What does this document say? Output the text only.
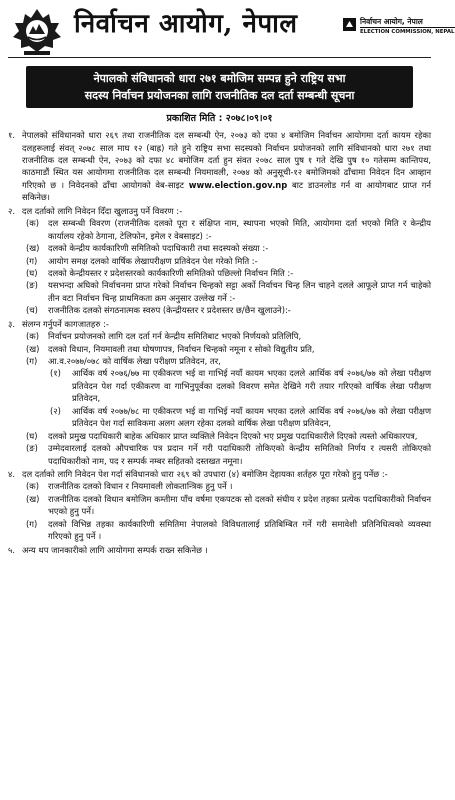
निर्वाचन आयोग, नेपाल	निर्वाचन आयोग, नेपाल
ELECTION COMMISSION, NEPAL
नेपालको संविधानको धारा २७१ बमोजिम सम्पन्न हुने राष्ट्रिय सभा
सदस्य निर्वाचन प्रयोजनका लागि राजनीतिक दल दर्ता सम्बन्धी सूचना
प्रकाशित मिति : २०७८।०९।०१
१. नेपालको संविधानको धारा २६९ तथा राजनीतिक दल सम्बन्धी ऐन, २०७३ को दफा ४ बमोजिम निर्वाचन आयोगमा दर्ता कायम रहेका दलहरूलाई संवत् २०७८ साल माघ १२ (बाह्र) गते हुने राष्ट्रिय सभा सदस्यको निर्वाचन प्रयोजनको लागि संविधानको धारा २७१ तथा राजनीतिक दल सम्बन्धी ऐन, २०७३ को दफा ४८ बमोजिम दर्ता हुन संवत २०७८ साल पुष १ गते देखि पुष १० गतेसम्म कान्तिपथ, काठमाडौं स्थित यस आयोगमा राजनीतिक दल सम्बन्धी नियमावली, २०७४ को अनुसूची-१२ बमोजिमको ढाँचामा निवेदन दिन आव्हान गरिएको छ । निवेदनको ढाँचा आयोगको वेब-साइट www.election.gov.np बाट डाउनलोड गर्न वा आयोगबाट प्राप्त गर्न सकिनेछ।
२. दल दर्ताको लागि निवेदन दिँदा खुलाउनु पर्ने विवरण :-
(क)	दल सम्बन्धी विवरण (राजनीतिक दलको पूरा र संक्षिप्त नाम, स्थापना भएको मिति, आयोगमा दर्ता भएको मिति र केन्द्रीय कार्यालय रहेको ठेगाना, टेलिफोन, इमेल र वेबसाइट) :-
(ख)	दलको केन्द्रीय कार्यकारिणी समितिको पदाधिकारी तथा सदस्यको संख्या :-
(ग)	आयोग समक्ष दलको वार्षिक लेखापरीक्षण प्रतिवेदन पेश गरेको मिति :-
(घ)	दलको केन्द्रीयस्तर र प्रदेशस्तरको कार्यकारिणी समितिको पछिल्लो निर्वाचन मिति :-
(ङ)	यसभन्दा अघिको निर्वाचनमा प्राप्त गरेको निर्वाचन चिन्हको सट्टा अर्को निर्वाचन चिन्ह लिन चाहने दलले आफूले प्राप्त गर्न चाहेको तीन वटा निर्वाचन चिन्ह प्राथमिकता क्रम अनुसार उल्लेख गर्ने :-
(च)	राजनीतिक दलको संगठनात्मक स्वरुप (केन्द्रीयस्तर र प्रदेशस्तर छ/छैन खुलाउने):-
३. संलग्न गर्नुपर्ने कागजातहरु :-
(क)	निर्वाचन प्रयोजनको लागि दल दर्ता गर्न केन्द्रीय समितिबाट भएको निर्णयको प्रतिलिपि,
(ख)	दलको विधान, नियमावली तथा घोषणापत्र, निर्वाचन चिन्हको नमूना र सोको विद्युतीय प्रति,
(ग)	आ.व.२०७७/०७८ को वार्षिक लेखा परीक्षण प्रतिवेदन, तर,
(१)	आर्थिक वर्ष २०७६/७७ मा एकीकरण भई वा गाभिई नयाँ कायम भएका दलले आर्थिक वर्ष २०७६/७७ को लेखा परीक्षण प्रतिवेदन पेश गर्दा एकीकरण वा गाभिनुपूर्वका दलको विवरण समेत देखिने गरी तयार गरिएको वार्षिक लेखा परीक्षण प्रतिवेदन,
(२)	आर्थिक वर्ष २०७७/७८ मा एकीकरण भई वा गाभिई नयाँ कायम भएका दलले आर्थिक वर्ष २०७६/७७ को लेखा परीक्षण प्रतिवेदन पेश गर्दा साविकमा अलग अलग रहेका दलको वार्षिक लेखा परीक्षण प्रतिवेदन,
(घ)	दलको प्रमुख पदाधिकारी बाहेक अधिकार प्राप्त व्यक्तिले निवेदन दिएको भए प्रमुख पदाधिकारीले दिएको त्यस्तो अधिकारपत्र,
(ङ)	उम्मेदवारलाई दलको औपचारिक पत्र प्रदान गर्ने गरी पदाधिकारी तोकिएको केन्द्रीय समितिको निर्णय र त्यसरी तोकिएको पदाधिकारीको नाम, पद र सम्पर्क नम्बर सहितको दस्तखत नमूना।
४. दल दर्ताको लागि निवेदन पेश गर्दा संविधानको धारा २६९ को उपधारा (४) बमोजिम देहायका शर्तहरु पूरा गरेको हुनु पर्नेछ :-
(क)	राजनीतिक दलको विधान र नियमावली लोकतान्त्रिक हुनु पर्ने ।
(ख)	राजनीतिक दलको विधान बमोजिम कम्तीमा पाँच वर्षमा एकपटक सो दलको संघीय र प्रदेश तहका प्रत्येक पदाधिकारीको निर्वाचन भएको हुनु पर्ने।
(ग)	दलको विभिन्न तहका कार्यकारिणी समितिमा नेपालको विविधतालाई प्रतिबिम्बित गर्ने गरी समावेशी प्रतिनिधित्वको व्यवस्था गरिएको हुनु पर्ने ।
५. अन्य थप जानकारीको लागि आयोगमा सम्पर्क राख्न सकिनेछ ।
